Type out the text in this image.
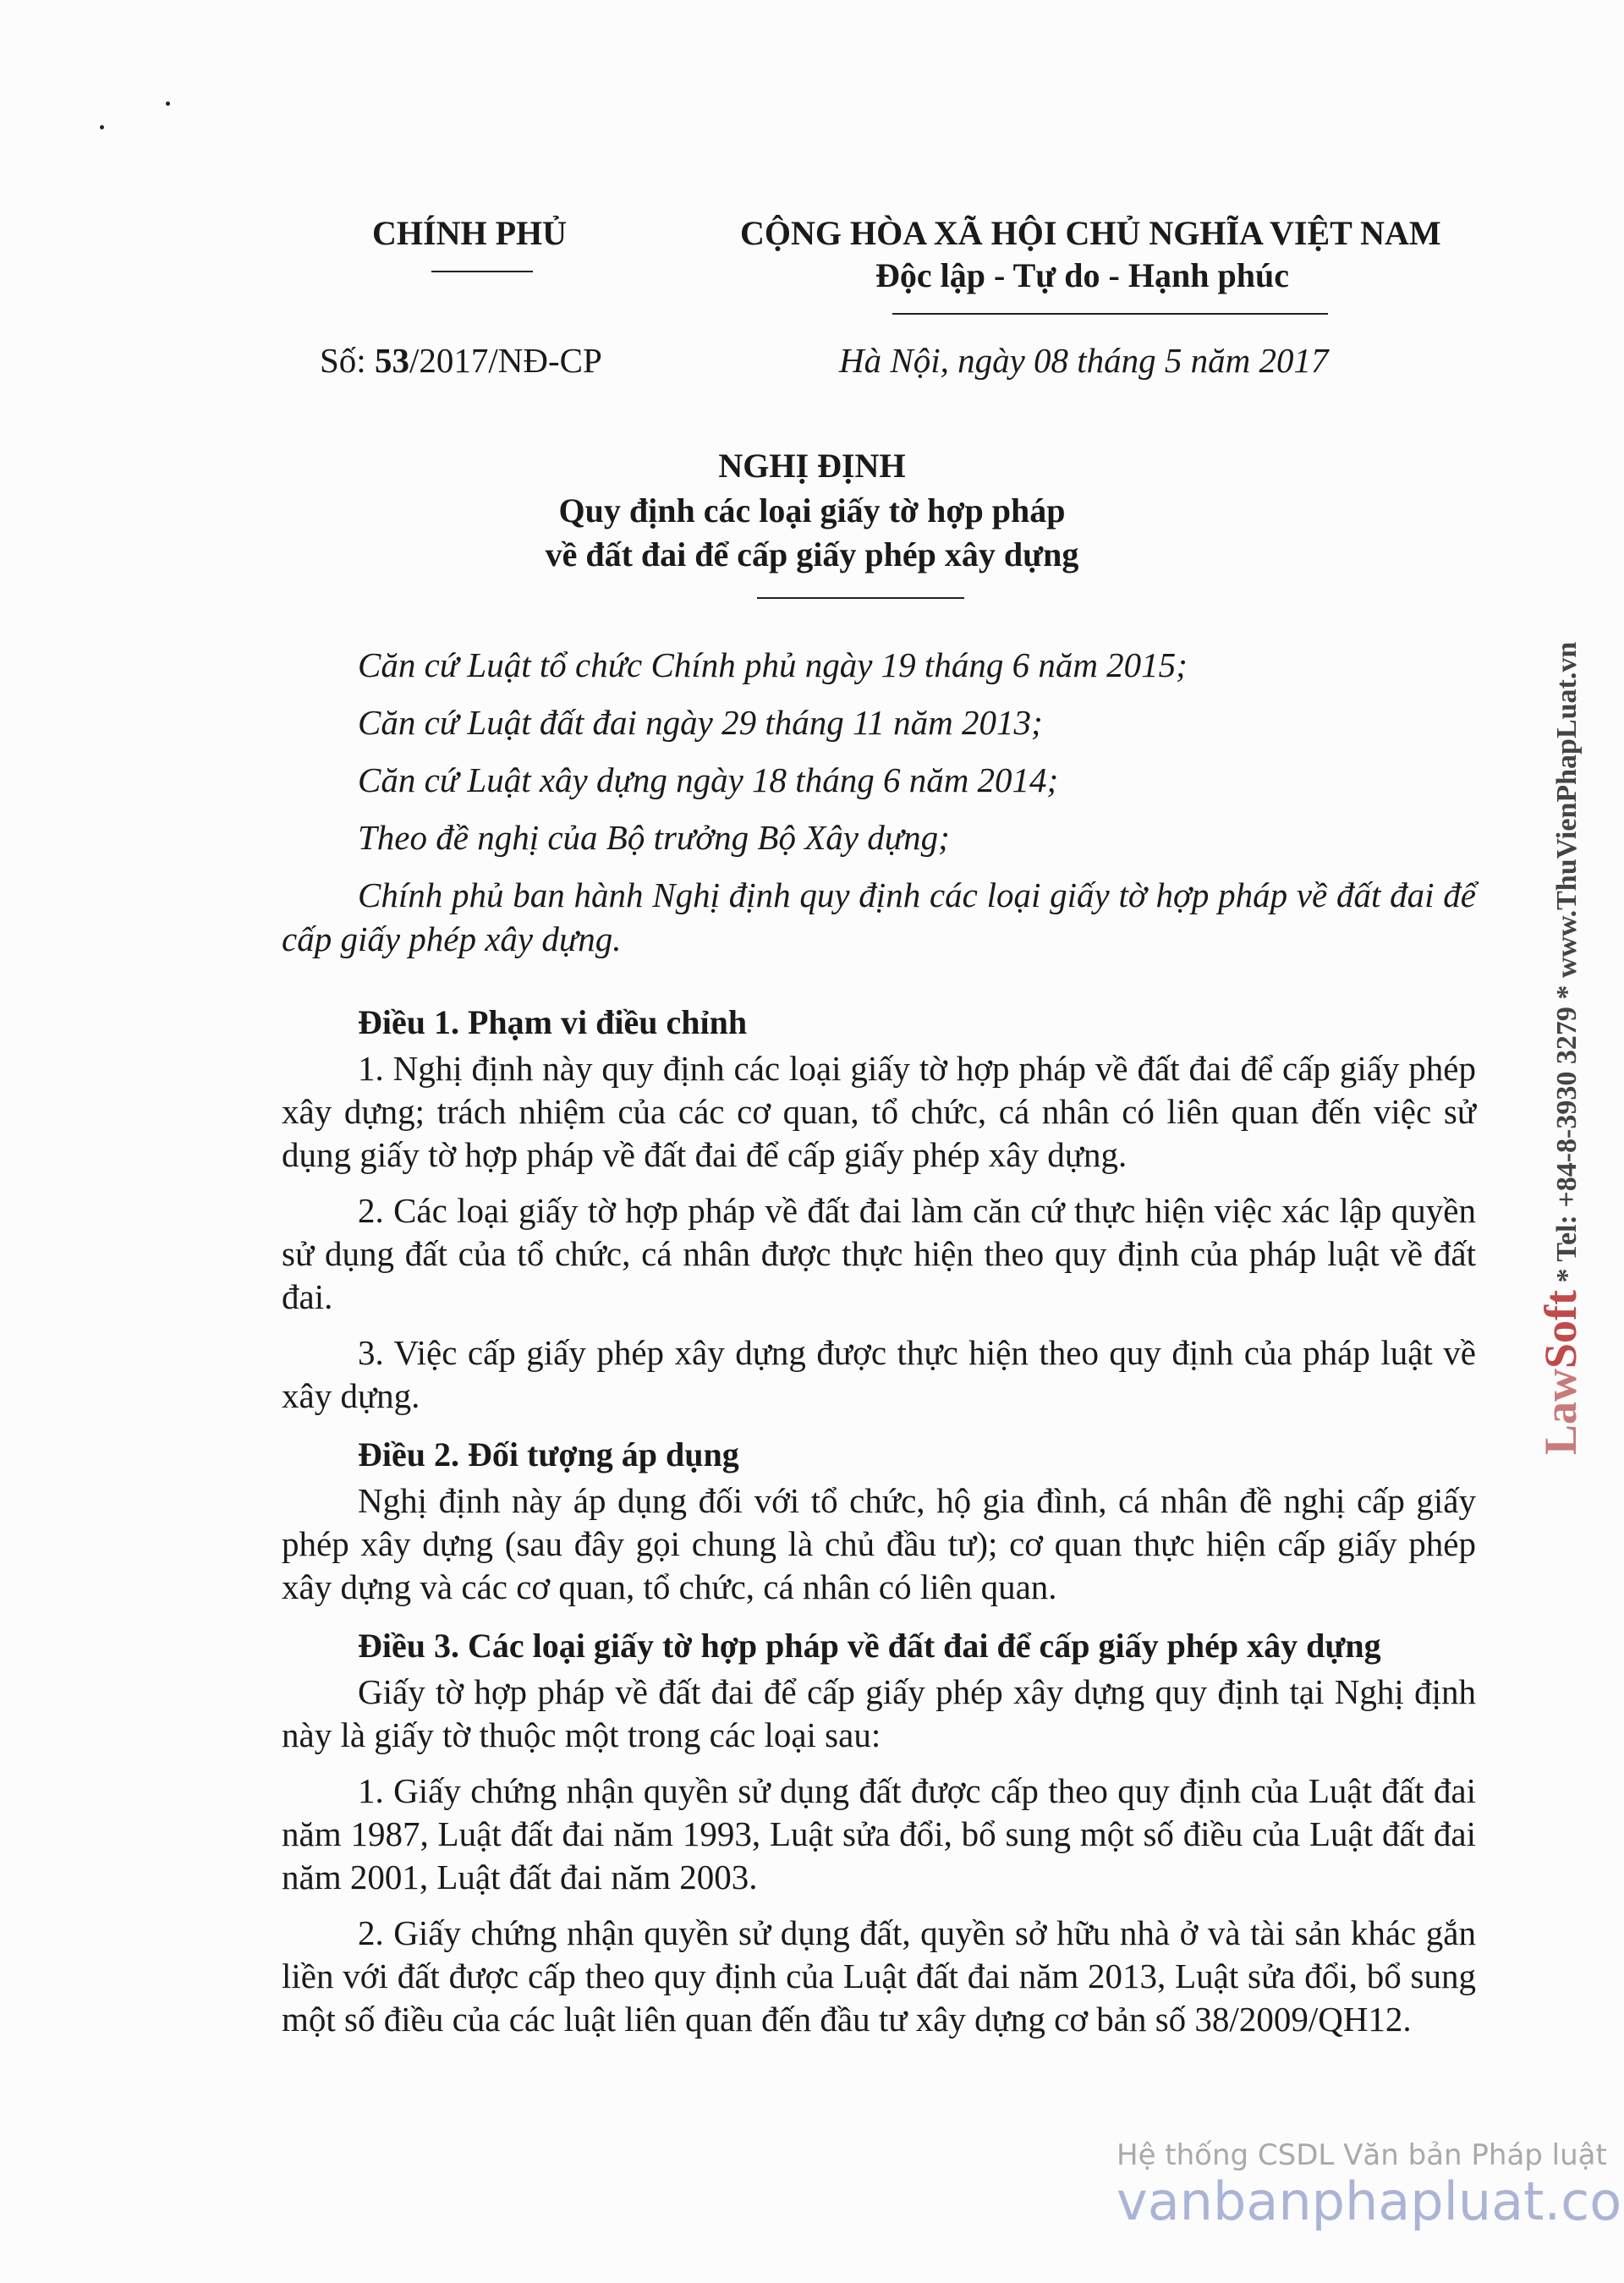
CHÍNH PHỦ	CỘNG HÒA XÃ HỘI CHỦ NGHĨA VIỆT NAM
Độc lập - Tự do - Hạnh phúc
Số: 53/2017/NĐ-CP	Hà Nội, ngày 08 tháng 5 năm 2017
NGHỊ ĐỊNH
Quy định các loại giấy tờ hợp pháp
về đất đai để cấp giấy phép xây dựng

Căn cứ Luật tổ chức Chính phủ ngày 19 tháng 6 năm 2015;

Căn cứ Luật đất đai ngày 29 tháng 11 năm 2013;

Căn cứ Luật xây dựng ngày 18 tháng 6 năm 2014;

Theo đề nghị của Bộ trưởng Bộ Xây dựng;

Chính phủ ban hành Nghị định quy định các loại giấy tờ hợp pháp về đất đai để cấp giấy phép xây dựng.

Điều 1. Phạm vi điều chỉnh

1. Nghị định này quy định các loại giấy tờ hợp pháp về đất đai để cấp giấy phép xây dựng; trách nhiệm của các cơ quan, tổ chức, cá nhân có liên quan đến việc sử dụng giấy tờ hợp pháp về đất đai để cấp giấy phép xây dựng.

2. Các loại giấy tờ hợp pháp về đất đai làm căn cứ thực hiện việc xác lập quyền sử dụng đất của tổ chức, cá nhân được thực hiện theo quy định của pháp luật về đất đai.

3. Việc cấp giấy phép xây dựng được thực hiện theo quy định của pháp luật về xây dựng.

Điều 2. Đối tượng áp dụng

Nghị định này áp dụng đối với tổ chức, hộ gia đình, cá nhân đề nghị cấp giấy phép xây dựng (sau đây gọi chung là chủ đầu tư); cơ quan thực hiện cấp giấy phép xây dựng và các cơ quan, tổ chức, cá nhân có liên quan.

Điều 3. Các loại giấy tờ hợp pháp về đất đai để cấp giấy phép xây dựng

Giấy tờ hợp pháp về đất đai để cấp giấy phép xây dựng quy định tại Nghị định này là giấy tờ thuộc một trong các loại sau:

1. Giấy chứng nhận quyền sử dụng đất được cấp theo quy định của Luật đất đai năm 1987, Luật đất đai năm 1993, Luật sửa đổi, bổ sung một số điều của Luật đất đai năm 2001, Luật đất đai năm 2003.

2. Giấy chứng nhận quyền sử dụng đất, quyền sở hữu nhà ở và tài sản khác gắn liền với đất được cấp theo quy định của Luật đất đai năm 2013, Luật sửa đổi, bổ sung một số điều của các luật liên quan đến đầu tư xây dựng cơ bản số 38/2009/QH12.

LawSoft * Tel: +84-8-3930 3279 * www.ThuVienPhapLuat.vn
Hệ thống CSDL Văn bản Pháp luật
vanbanphapluat.co
